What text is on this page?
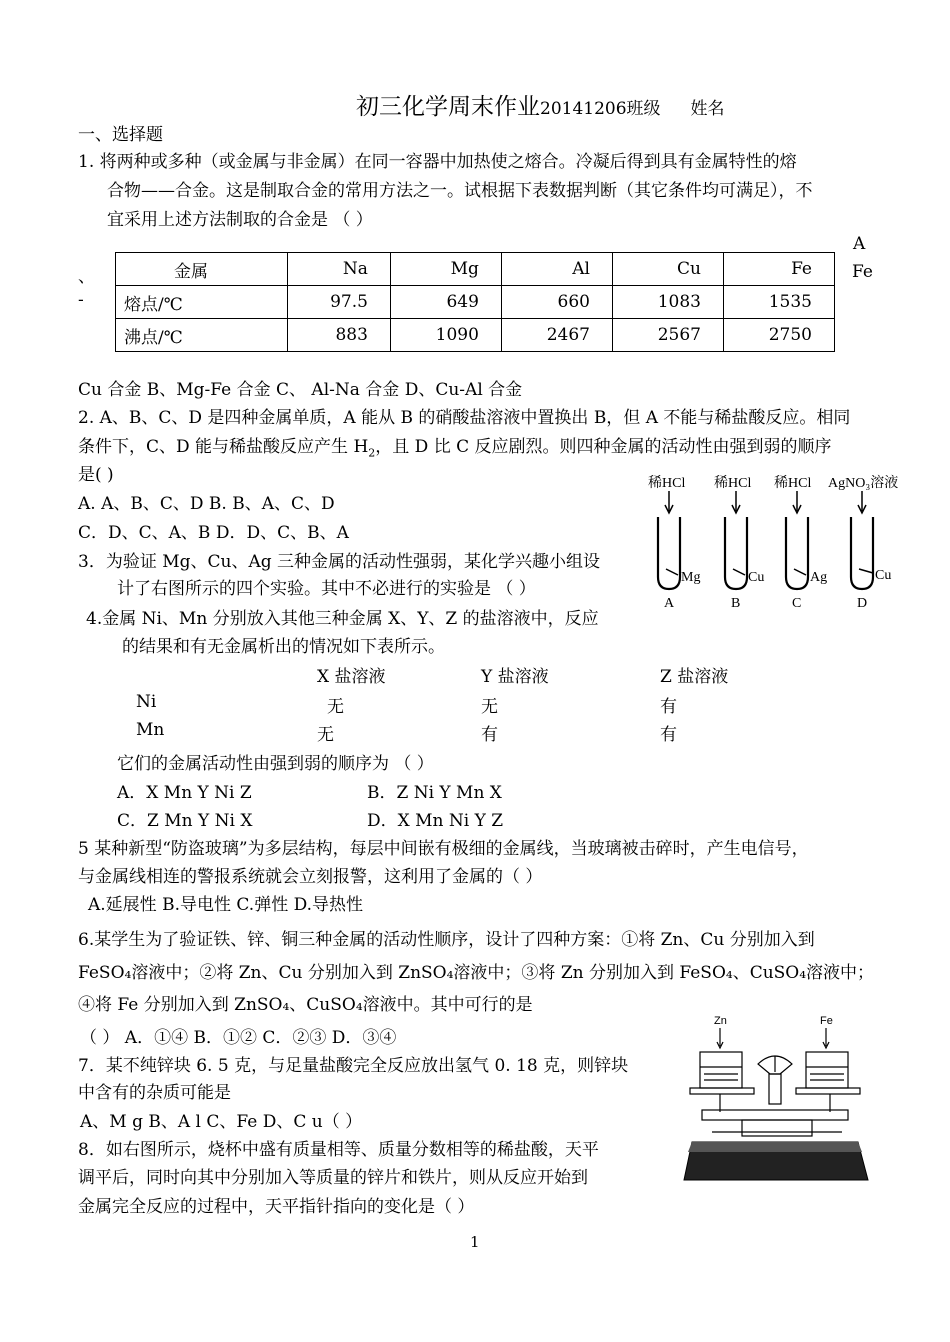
初三化学周末作业20141206班级 姓名
一、选择题
1. 将两种或多种（或金属与非金属）在同一容器中加热使之熔合。冷凝后得到具有金属特性的熔
合物——合金。这是制取合金的常用方法之一。试根据下表数据判断（其它条件均可满足），不
宜采用上述方法制取的合金是 （ ）
、
-
A
Fe
金属	Na	Mg	Al	Cu	Fe
熔点/℃	97.5	649	660	1083	1535
沸点/℃	883	1090	2467	2567	2750
Cu 合金 B、Mg-Fe 合金 C、 Al-Na 合金 D、Cu-Al 合金
2. A、B、C、D 是四种金属单质，A 能从 B 的硝酸盐溶液中置换出 B，但 A 不能与稀盐酸反应。相同
条件下，C、D 能与稀盐酸反应产生 $H_2$，且 D 比 C 反应剧烈。则四种金属的活动性由强到弱的顺序
是( )
A. A、B、C、D B. B、A、C、D
C．D、C、A、B D．D、C、B、A
3．为验证 Mg、Cu、Ag 三种金属的活动性强弱，某化学兴趣小组设
计了右图所示的四个实验。其中不必进行的实验是 （ ）
稀HCl 稀HCl 稀HCl AgNO₃溶液
Mg	Cu	Ag	Cu
A	B	C	D
4.金属 Ni、Mn 分别放入其他三种金属 X、Y、Z 的盐溶液中，反应
的结果和有无金属析出的情况如下表所示。
X 盐溶液	Y 盐溶液	Z 盐溶液
Ni	无	无	有
Mn	无	有	有
它们的金属活动性由强到弱的顺序为 （ ）
A．X Mn Y Ni Z	B．Z Ni Y Mn X
C．Z Mn Y Ni X	D．X Mn Ni Y Z
5 某种新型“防盗玻璃”为多层结构，每层中间嵌有极细的金属线，当玻璃被击碎时，产生电信号，
与金属线相连的警报系统就会立刻报警，这利用了金属的（ ）
A.延展性 B.导电性 C.弹性 D.导热性
6.某学生为了验证铁、锌、铜三种金属的活动性顺序，设计了四种方案：①将 Zn、Cu 分别加入到
FeSO₄溶液中；②将 Zn、Cu 分别加入到 ZnSO₄溶液中；③将 Zn 分别加入到 FeSO₄、CuSO₄溶液中；
④将 Fe 分别加入到 ZnSO₄、CuSO₄溶液中。其中可行的是
（ ） A．①④ B．①② C．②③ D．③④
7．某不纯锌块 6. 5 克，与足量盐酸完全反应放出氢气 0. 18 克，则锌块
中含有的杂质可能是
A、M g B、A l C、Fe D、C u（ ）
8．如右图所示，烧杯中盛有质量相等、质量分数相等的稀盐酸，天平
调平后，同时向其中分别加入等质量的锌片和铁片，则从反应开始到
金属完全反应的过程中，天平指针指向的变化是（ ）
Zn	Fe
1
